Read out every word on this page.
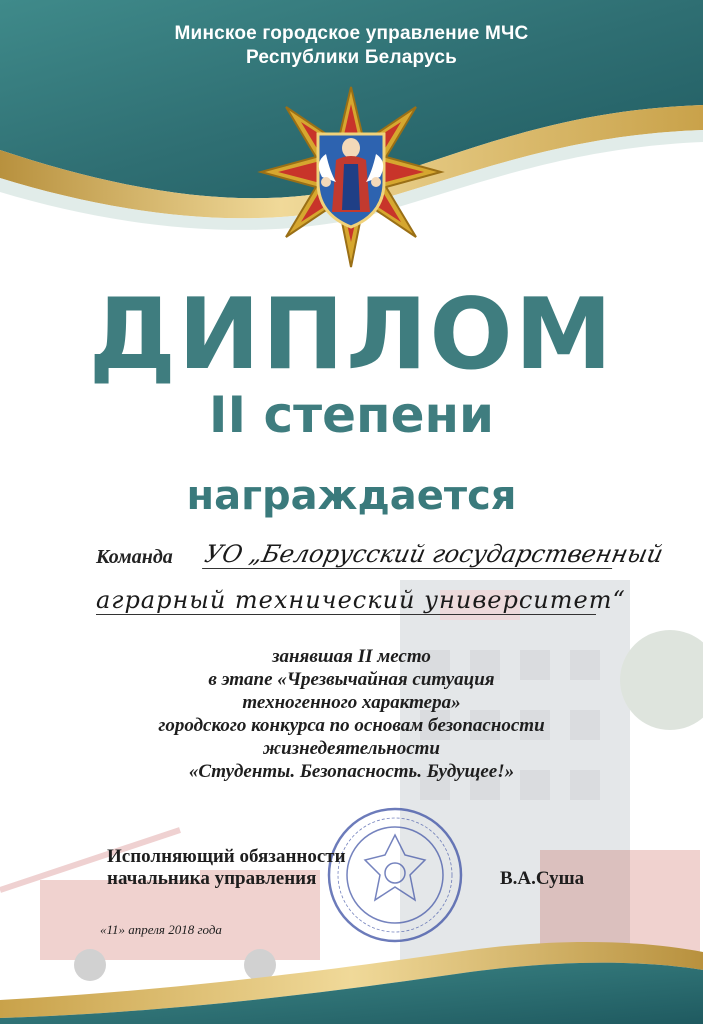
Минское городское управление МЧС
Республики Беларусь
ДИПЛОМ
II степени
награждается
Команда УО „Белорусский государственный
аграрный технический университет“
занявшая II место
в этапе «Чрезвычайная ситуация
техногенного характера»
городского конкурса по основам безопасности
жизнедеятельности
«Студенты. Безопасность. Будущее!»
Исполняющий обязанности
начальника управления	В.А.Суша
«11» апреля 2018 года
